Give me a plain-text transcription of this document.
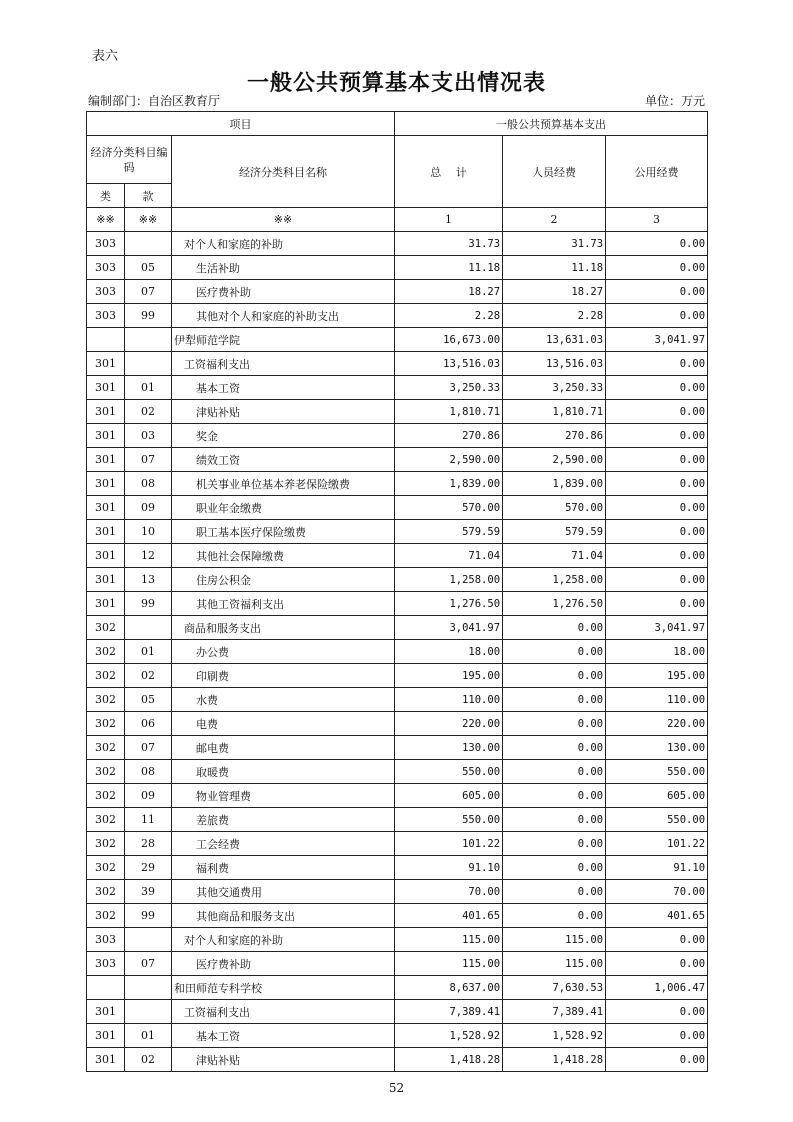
表六
一般公共预算基本支出情况表
编制部门：自治区教育厅	单位：万元
项目			一般公共预算基本支出		
经济分类科目编码		经济分类科目名称	总　 计	人员经费	公用经费
类	款				
※※	※※	※※	1	2	3
303		对个人和家庭的补助	31.73	31.73	0.00
303	05	生活补助	11.18	11.18	0.00
303	07	医疗费补助	18.27	18.27	0.00
303	99	其他对个人和家庭的补助支出	2.28	2.28	0.00
		伊犁师范学院	16,673.00	13,631.03	3,041.97
301		工资福利支出	13,516.03	13,516.03	0.00
301	01	基本工资	3,250.33	3,250.33	0.00
301	02	津贴补贴	1,810.71	1,810.71	0.00
301	03	奖金	270.86	270.86	0.00
301	07	绩效工资	2,590.00	2,590.00	0.00
301	08	机关事业单位基本养老保险缴费	1,839.00	1,839.00	0.00
301	09	职业年金缴费	570.00	570.00	0.00
301	10	职工基本医疗保险缴费	579.59	579.59	0.00
301	12	其他社会保障缴费	71.04	71.04	0.00
301	13	住房公积金	1,258.00	1,258.00	0.00
301	99	其他工资福利支出	1,276.50	1,276.50	0.00
302		商品和服务支出	3,041.97	0.00	3,041.97
302	01	办公费	18.00	0.00	18.00
302	02	印刷费	195.00	0.00	195.00
302	05	水费	110.00	0.00	110.00
302	06	电费	220.00	0.00	220.00
302	07	邮电费	130.00	0.00	130.00
302	08	取暖费	550.00	0.00	550.00
302	09	物业管理费	605.00	0.00	605.00
302	11	差旅费	550.00	0.00	550.00
302	28	工会经费	101.22	0.00	101.22
302	29	福利费	91.10	0.00	91.10
302	39	其他交通费用	70.00	0.00	70.00
302	99	其他商品和服务支出	401.65	0.00	401.65
303		对个人和家庭的补助	115.00	115.00	0.00
303	07	医疗费补助	115.00	115.00	0.00
		和田师范专科学校	8,637.00	7,630.53	1,006.47
301		工资福利支出	7,389.41	7,389.41	0.00
301	01	基本工资	1,528.92	1,528.92	0.00
301	02	津贴补贴	1,418.28	1,418.28	0.00
52
